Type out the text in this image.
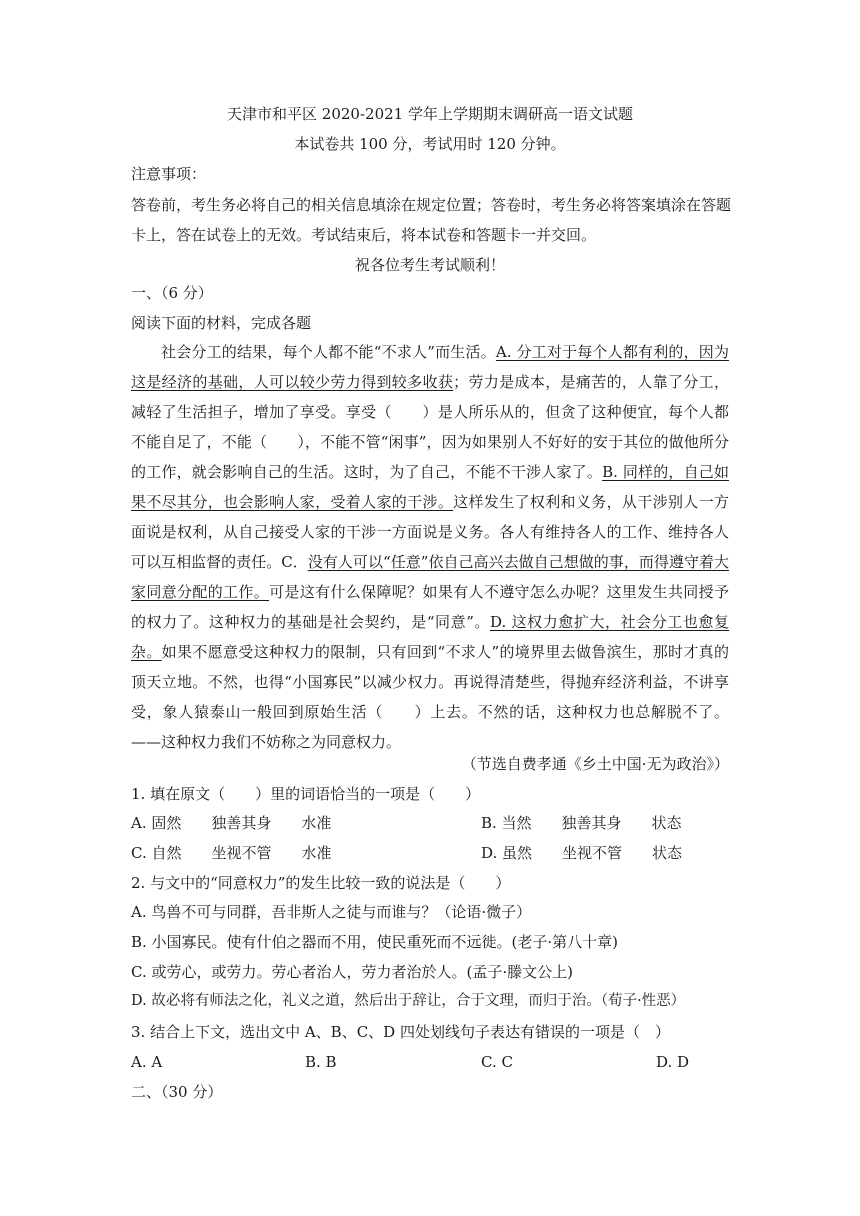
天津市和平区 2020-2021 学年上学期期末调研高一语文试题
本试卷共 100 分，考试用时 120 分钟。
注意事项：
答卷前，考生务必将自己的相关信息填涂在规定位置；答卷时，考生务必将答案填涂在答题
卡上，答在试卷上的无效。考试结束后，将本试卷和答题卡一并交回。
祝各位考生考试顺利！
一、（6 分）
阅读下面的材料，完成各题

社会分工的结果，每个人都不能“不求人”而生活。A. 分工对于每个人都有利的，因为这是经济的基础，人可以较少劳力得到较多收获；劳力是成本，是痛苦的，人靠了分工，减轻了生活担子，增加了享受。享受（　　）是人所乐从的，但贪了这种便宜，每个人都不能自足了，不能（　　），不能不管“闲事”，因为如果别人不好好的安于其位的做他所分的工作，就会影响自己的生活。这时，为了自己，不能不干涉人家了。B. 同样的，自己如果不尽其分，也会影响人家，受着人家的干涉。这样发生了权利和义务，从干涉别人一方面说是权利，从自己接受人家的干涉一方面说是义务。各人有维持各人的工作、维持各人可以互相监督的责任。C．没有人可以“任意”依自己高兴去做自己想做的事，而得遵守着大家同意分配的工作。可是这有什么保障呢？如果有人不遵守怎么办呢？这里发生共同授予的权力了。这种权力的基础是社会契约，是“同意”。D. 这权力愈扩大，社会分工也愈复杂。如果不愿意受这种权力的限制，只有回到“不求人”的境界里去做鲁滨生，那时才真的顶天立地。不然，也得“小国寡民”以减少权力。再说得清楚些，得抛弃经济利益，不讲享受，象人猿泰山一般回到原始生活（　　）上去。不然的话，这种权力也总解脱不了。——这种权力我们不妨称之为同意权力。

（节选自费孝通《乡土中国·无为政治》）
1. 填在原文（　　）里的词语恰当的一项是（　　）
A. 固然　　独善其身　　水准	B. 当然　　独善其身　　状态
C. 自然　　坐视不管　　水准	D. 虽然　　坐视不管　　状态
2. 与文中的“同意权力”的发生比较一致的说法是（　　）
A. 鸟兽不可与同群，吾非斯人之徒与而谁与？（论语·微子）
B. 小国寡民。使有什伯之器而不用，使民重死而不远徙。(老子·第八十章)
C. 或劳心，或劳力。劳心者治人，劳力者治於人。(孟子·滕文公上)
D. 故必将有师法之化，礼义之道，然后出于辞让，合于文理，而归于治。（荀子·性恶）
3. 结合上下文，选出文中 A、B、C、D 四处划线句子表达有错误的一项是（　）
A. A	B. B	C. C	D. D
二、（30 分）
